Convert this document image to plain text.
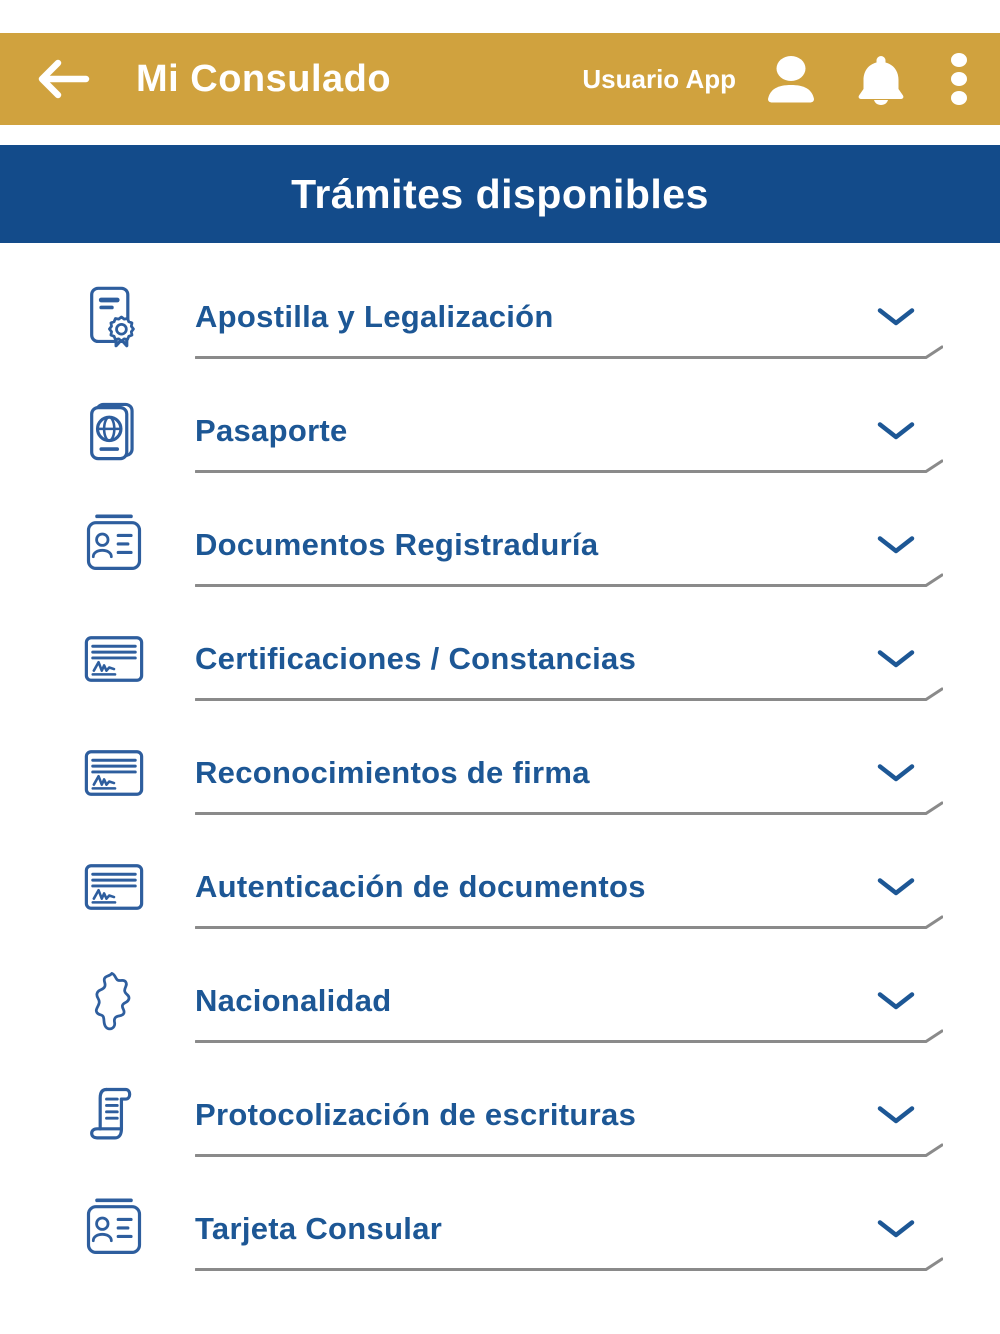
Mi Consulado	Usuario App
Trámites disponibles
Apostilla y Legalización
Pasaporte
Documentos Registraduría
Certificaciones / Constancias
Reconocimientos de firma
Autenticación de documentos
Nacionalidad
Protocolización de escrituras
Tarjeta Consular
